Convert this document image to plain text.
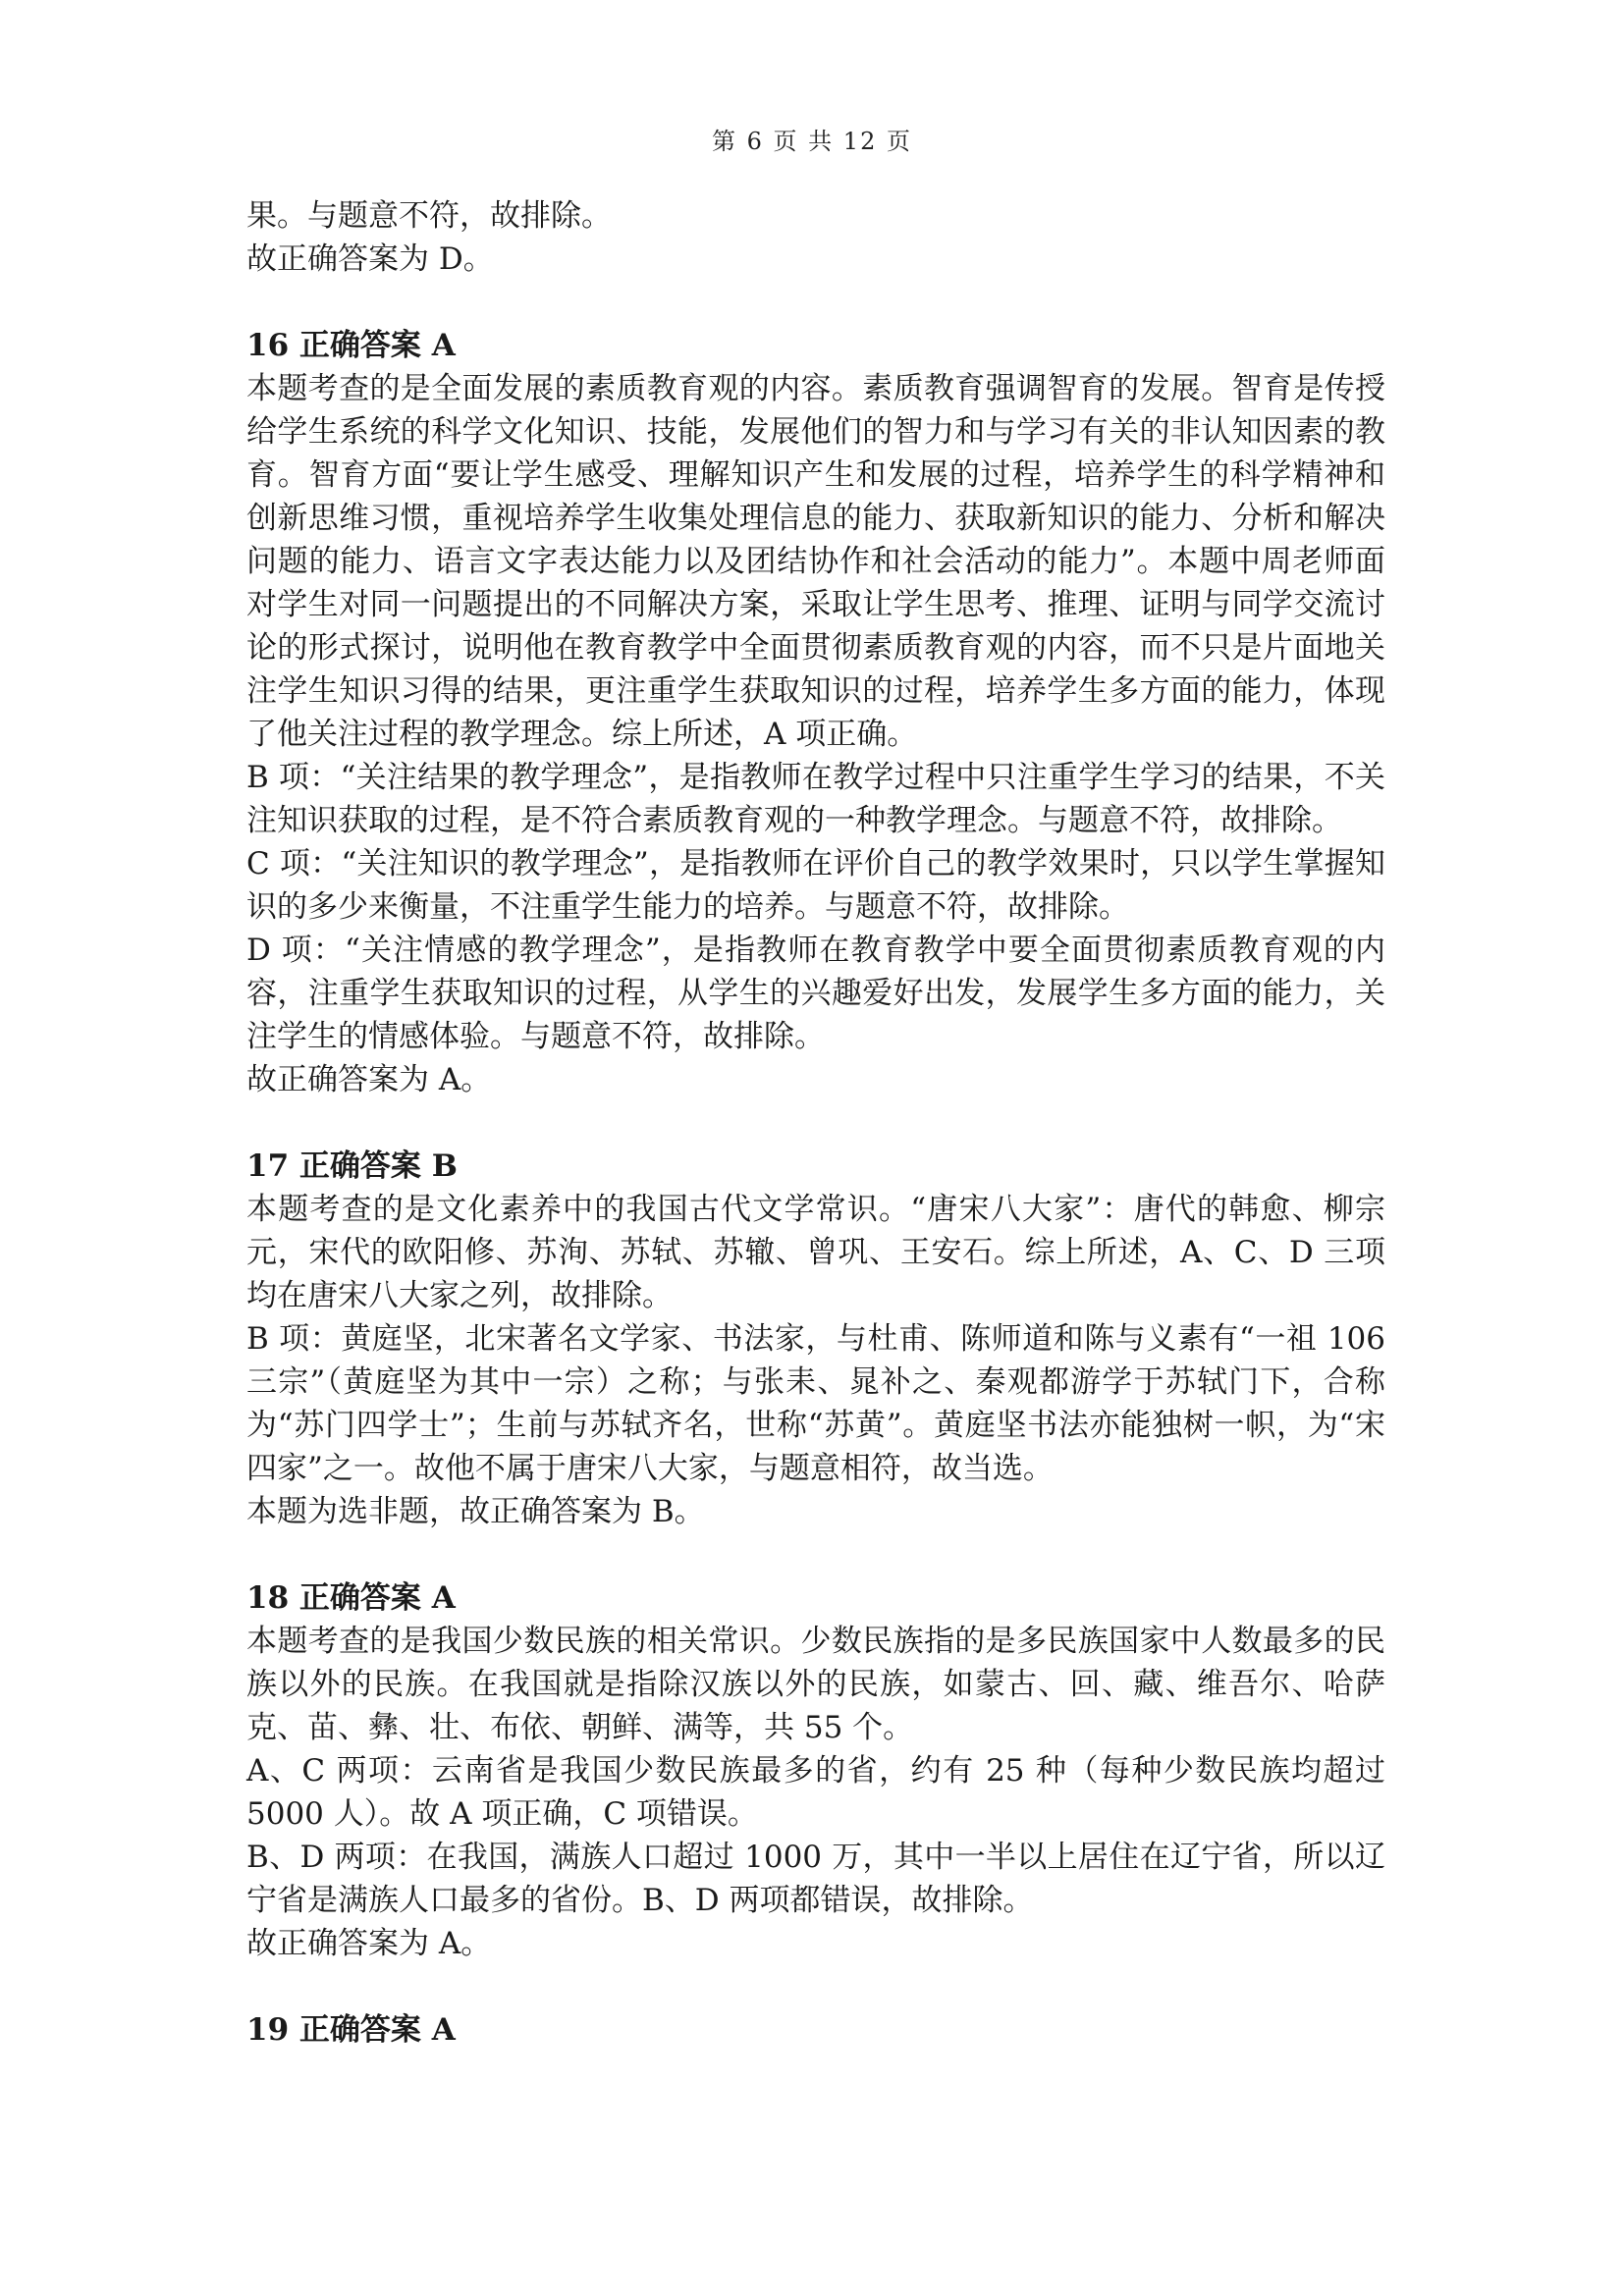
第 6 页 共 12 页

果。与题意不符，故排除。

故正确答案为 D。

16 正确答案 A

本题考查的是全面发展的素质教育观的内容。素质教育强调智育的发展。智育是传授给学生系统的科学文化知识、技能，发展他们的智力和与学习有关的非认知因素的教育。智育方面“要让学生感受、理解知识产生和发展的过程，培养学生的科学精神和创新思维习惯，重视培养学生收集处理信息的能力、获取新知识的能力、分析和解决问题的能力、语言文字表达能力以及团结协作和社会活动的能力”。本题中周老师面对学生对同一问题提出的不同解决方案，采取让学生思考、推理、证明与同学交流讨论的形式探讨，说明他在教育教学中全面贯彻素质教育观的内容，而不只是片面地关注学生知识习得的结果，更注重学生获取知识的过程，培养学生多方面的能力，体现了他关注过程的教学理念。综上所述，A 项正确。

B 项：“关注结果的教学理念”，是指教师在教学过程中只注重学生学习的结果，不关注知识获取的过程，是不符合素质教育观的一种教学理念。与题意不符，故排除。

C 项：“关注知识的教学理念”，是指教师在评价自己的教学效果时，只以学生掌握知识的多少来衡量，不注重学生能力的培养。与题意不符，故排除。

D 项：“关注情感的教学理念”，是指教师在教育教学中要全面贯彻素质教育观的内容，注重学生获取知识的过程，从学生的兴趣爱好出发，发展学生多方面的能力，关注学生的情感体验。与题意不符，故排除。

故正确答案为 A。

17 正确答案 B

本题考查的是文化素养中的我国古代文学常识。“唐宋八大家”：唐代的韩愈、柳宗元，宋代的欧阳修、苏洵、苏轼、苏辙、曾巩、王安石。综上所述，A、C、D 三项均在唐宋八大家之列，故排除。

B 项：黄庭坚，北宋著名文学家、书法家，与杜甫、陈师道和陈与义素有“一祖 106 三宗”（黄庭坚为其中一宗）之称；与张耒、晁补之、秦观都游学于苏轼门下，合称为“苏门四学士”；生前与苏轼齐名，世称“苏黄”。黄庭坚书法亦能独树一帜，为“宋四家”之一。故他不属于唐宋八大家，与题意相符，故当选。

本题为选非题，故正确答案为 B。

18 正确答案 A

本题考查的是我国少数民族的相关常识。少数民族指的是多民族国家中人数最多的民族以外的民族。在我国就是指除汉族以外的民族，如蒙古、回、藏、维吾尔、哈萨克、苗、彝、壮、布依、朝鲜、满等，共 55 个。

A、C 两项：云南省是我国少数民族最多的省，约有 25 种（每种少数民族均超过 5000 人）。故 A 项正确，C 项错误。

B、D 两项：在我国，满族人口超过 1000 万，其中一半以上居住在辽宁省，所以辽宁省是满族人口最多的省份。B、D 两项都错误，故排除。

故正确答案为 A。

19 正确答案 A
